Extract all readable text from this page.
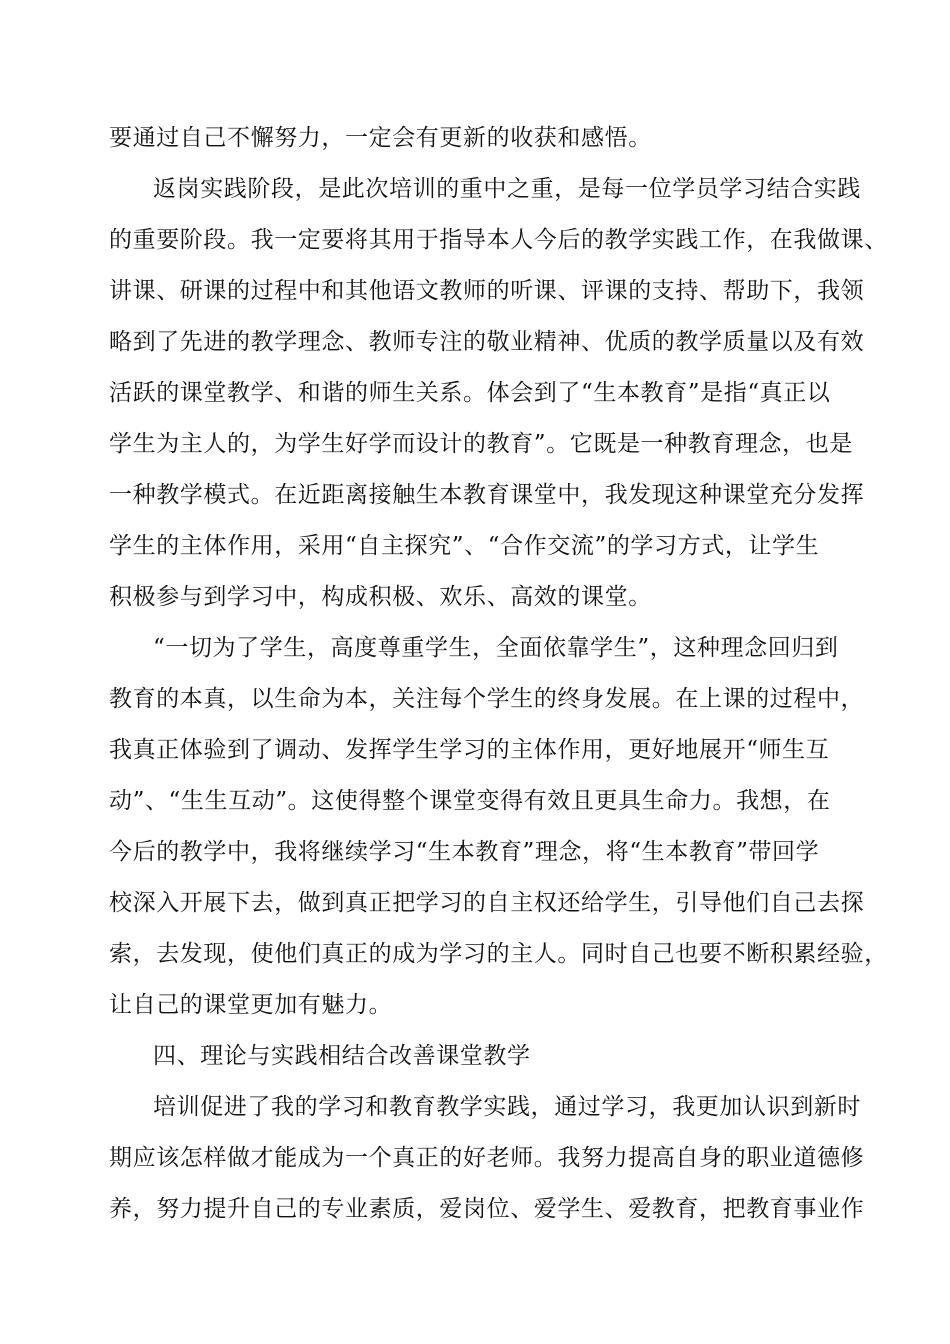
要通过自己不懈努力，一定会有更新的收获和感悟。
返岗实践阶段，是此次培训的重中之重，是每一位学员学习结合实践
的重要阶段。我一定要将其用于指导本人今后的教学实践工作，在我做课、
讲课、研课的过程中和其他语文教师的听课、评课的支持、帮助下，我领
略到了先进的教学理念、教师专注的敬业精神、优质的教学质量以及有效
活跃的课堂教学、和谐的师生关系。体会到了“生本教育”是指“真正以
学生为主人的，为学生好学而设计的教育”。它既是一种教育理念，也是
一种教学模式。在近距离接触生本教育课堂中，我发现这种课堂充分发挥
学生的主体作用，采用“自主探究”、“合作交流”的学习方式，让学生
积极参与到学习中，构成积极、欢乐、高效的课堂。
“一切为了学生，高度尊重学生，全面依靠学生”，这种理念回归到
教育的本真，以生命为本，关注每个学生的终身发展。在上课的过程中，
我真正体验到了调动、发挥学生学习的主体作用，更好地展开“师生互
动”、“生生互动”。这使得整个课堂变得有效且更具生命力。我想，在
今后的教学中，我将继续学习“生本教育”理念，将“生本教育”带回学
校深入开展下去，做到真正把学习的自主权还给学生，引导他们自己去探
索，去发现，使他们真正的成为学习的主人。同时自己也要不断积累经验，
让自己的课堂更加有魅力。
四、理论与实践相结合改善课堂教学
培训促进了我的学习和教育教学实践，通过学习，我更加认识到新时
期应该怎样做才能成为一个真正的好老师。我努力提高自身的职业道德修
养，努力提升自己的专业素质，爱岗位、爱学生、爱教育，把教育事业作
